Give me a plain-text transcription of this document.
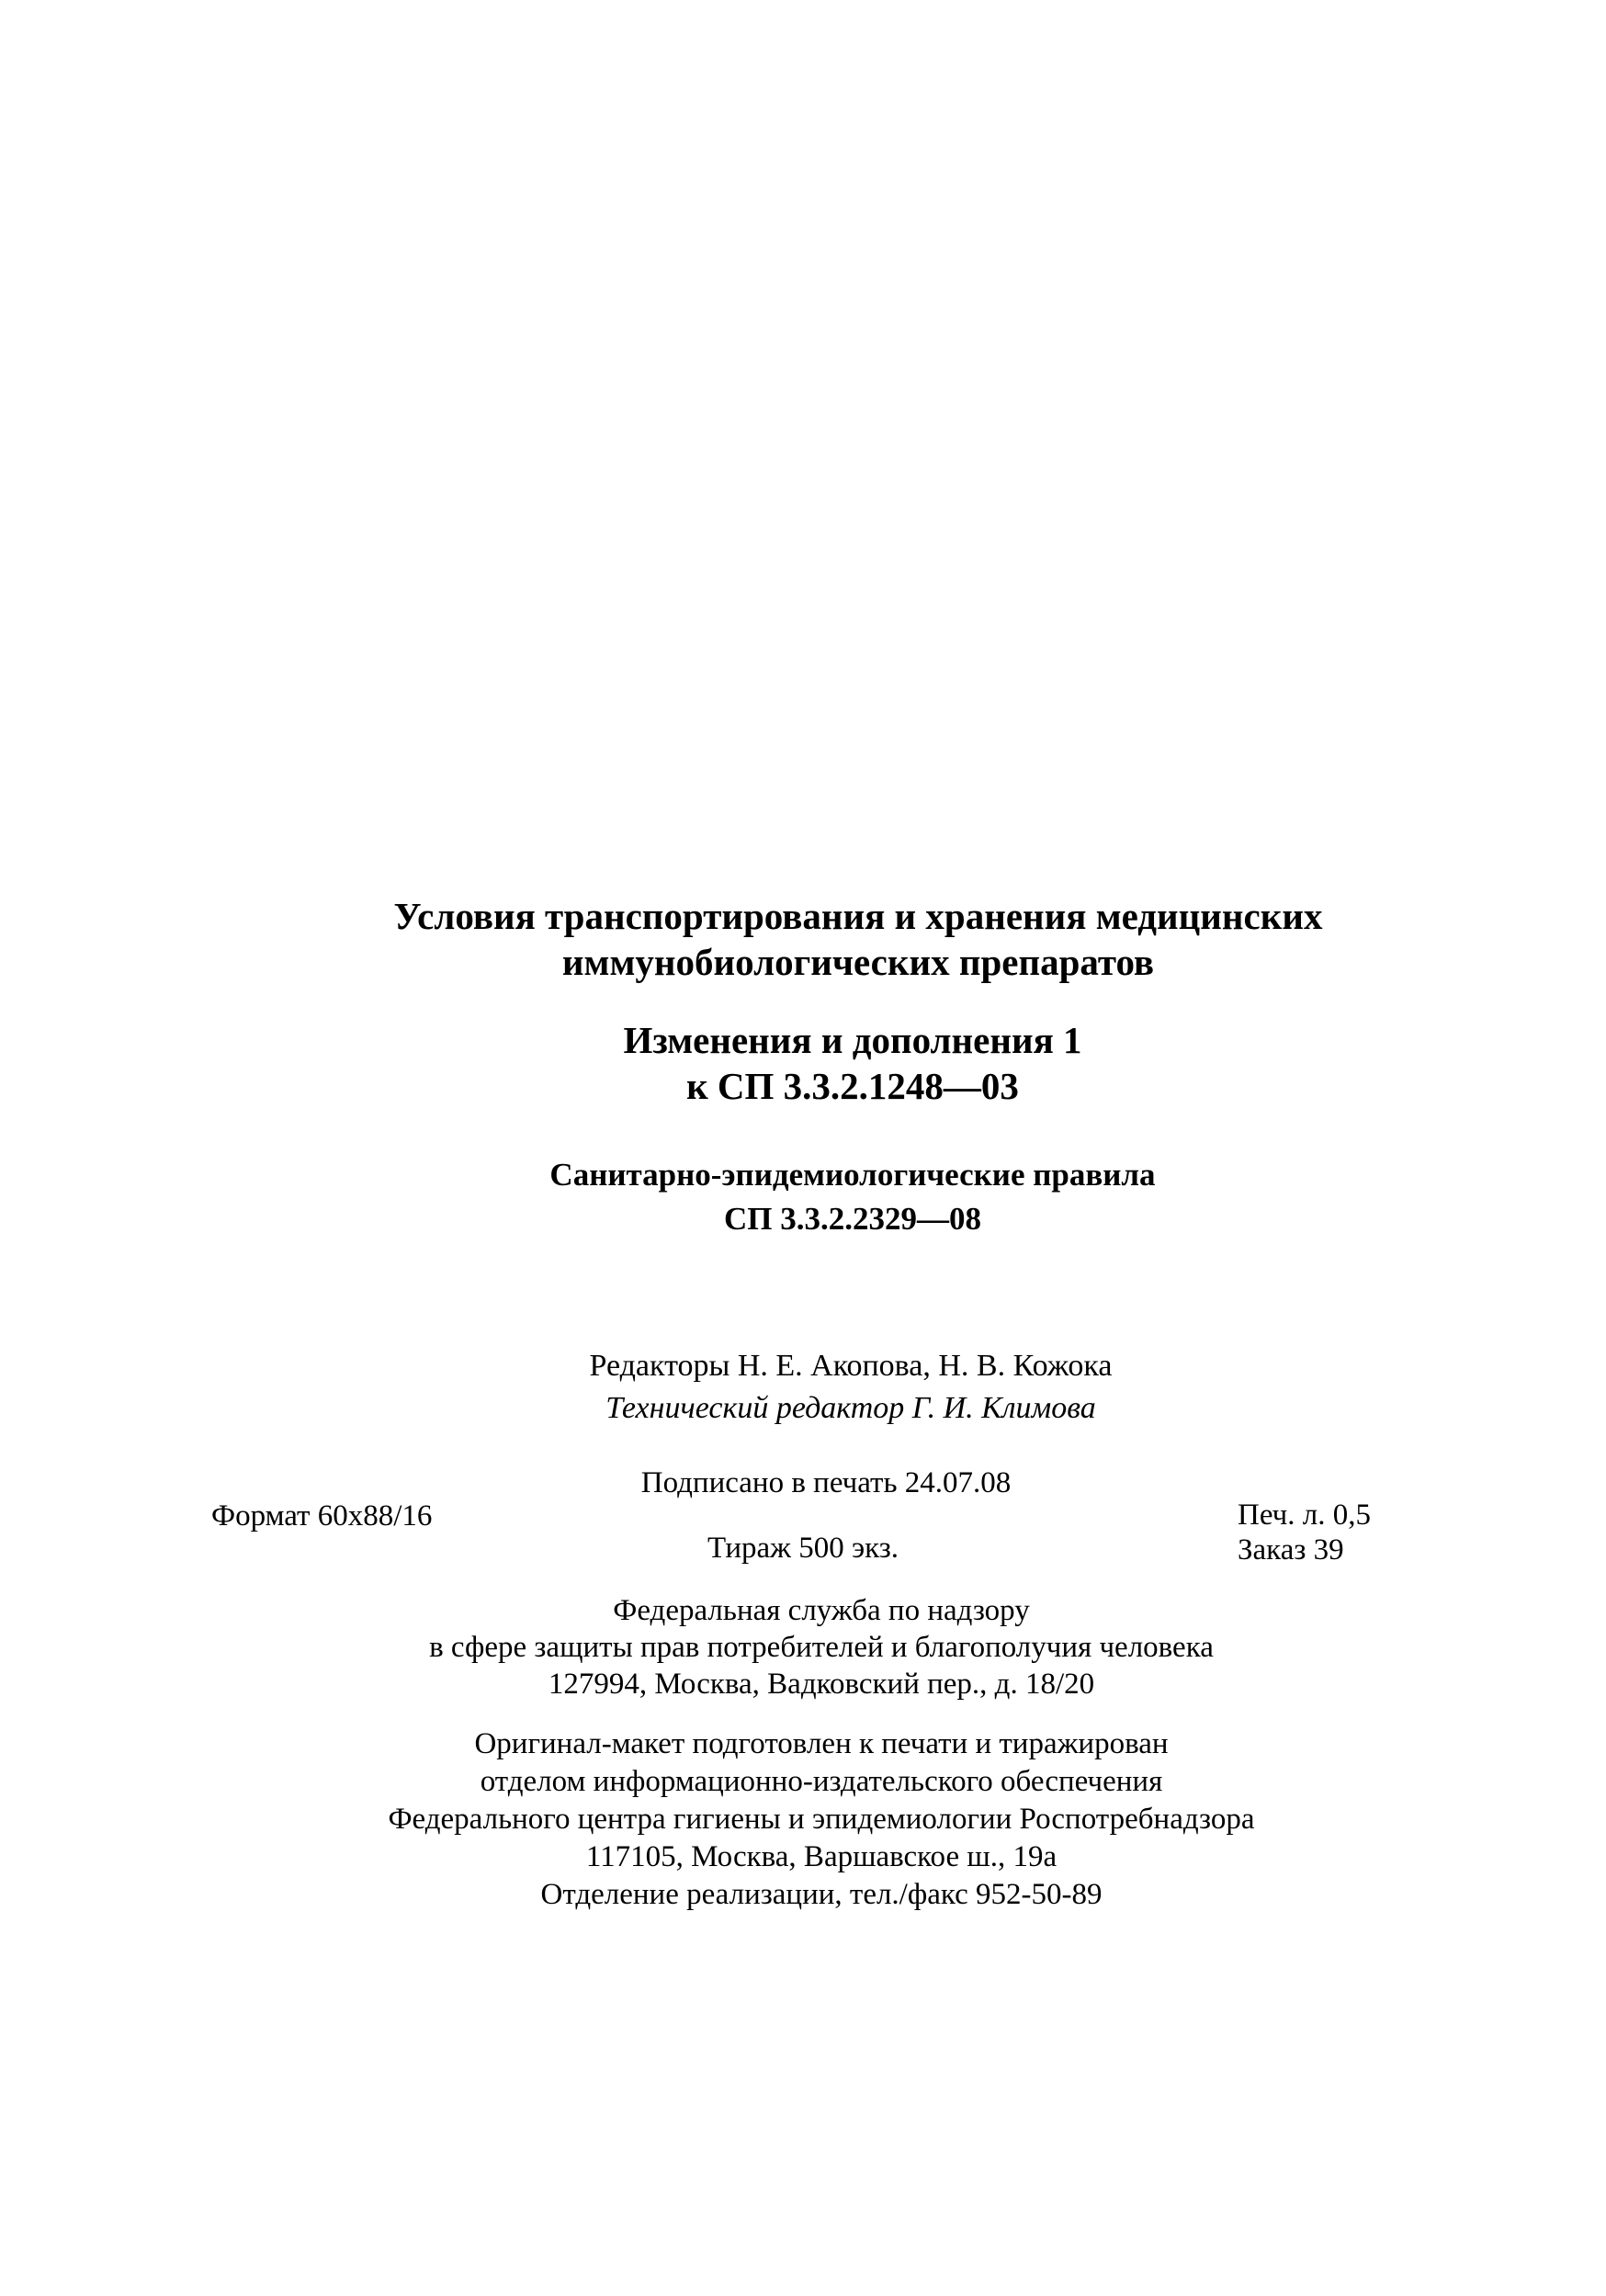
Условия транспортирования и хранения медицинских
иммунобиологических препаратов
Изменения и дополнения 1
к СП 3.3.2.1248—03
Санитарно-эпидемиологические правила
СП 3.3.2.2329—08
Редакторы Н. Е. Акопова, Н. В. Кожока
Технический редактор Г. И. Климова
Подписано в печать 24.07.08
Формат 60x88/16
Тираж 500 экз.
Печ. л. 0,5
Заказ 39
Федеральная служба по надзору
в сфере защиты прав потребителей и благополучия человека
127994, Москва, Вадковский пер., д. 18/20
Оригинал-макет подготовлен к печати и тиражирован
отделом информационно-издательского обеспечения
Федерального центра гигиены и эпидемиологии Роспотребнадзора
117105, Москва, Варшавское ш., 19а
Отделение реализации, тел./факс 952-50-89
